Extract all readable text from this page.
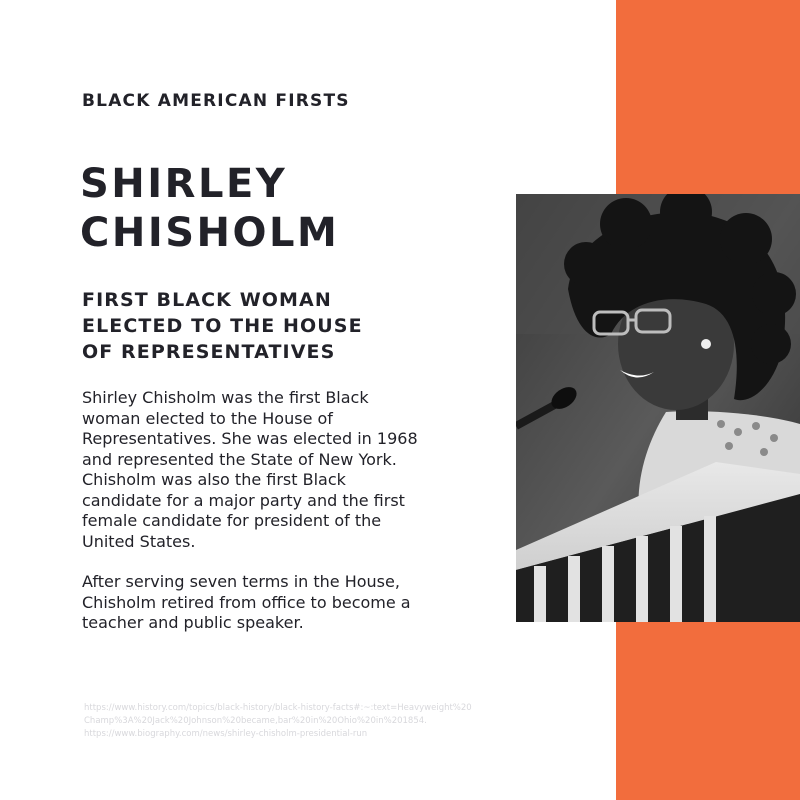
BLACK AMERICAN FIRSTS
SHIRLEY
CHISHOLM
FIRST BLACK WOMAN
ELECTED TO THE HOUSE
OF REPRESENTATIVES

Shirley Chisholm was the first Black
woman elected to the House of
Representatives. She was elected in 1968
and represented the State of New York.
Chisholm was also the first Black
candidate for a major party and the first
female candidate for president of the
United States.

After serving seven terms in the House,
Chisholm retired from office to become a
teacher and public speaker.

https://www.history.com/topics/black-history/black-history-facts#:~:text=Heavyweight%20
Champ%3A%20Jack%20Johnson%20became,bar%20in%20Ohio%20in%201854.
https://www.biography.com/news/shirley-chisholm-presidential-run
